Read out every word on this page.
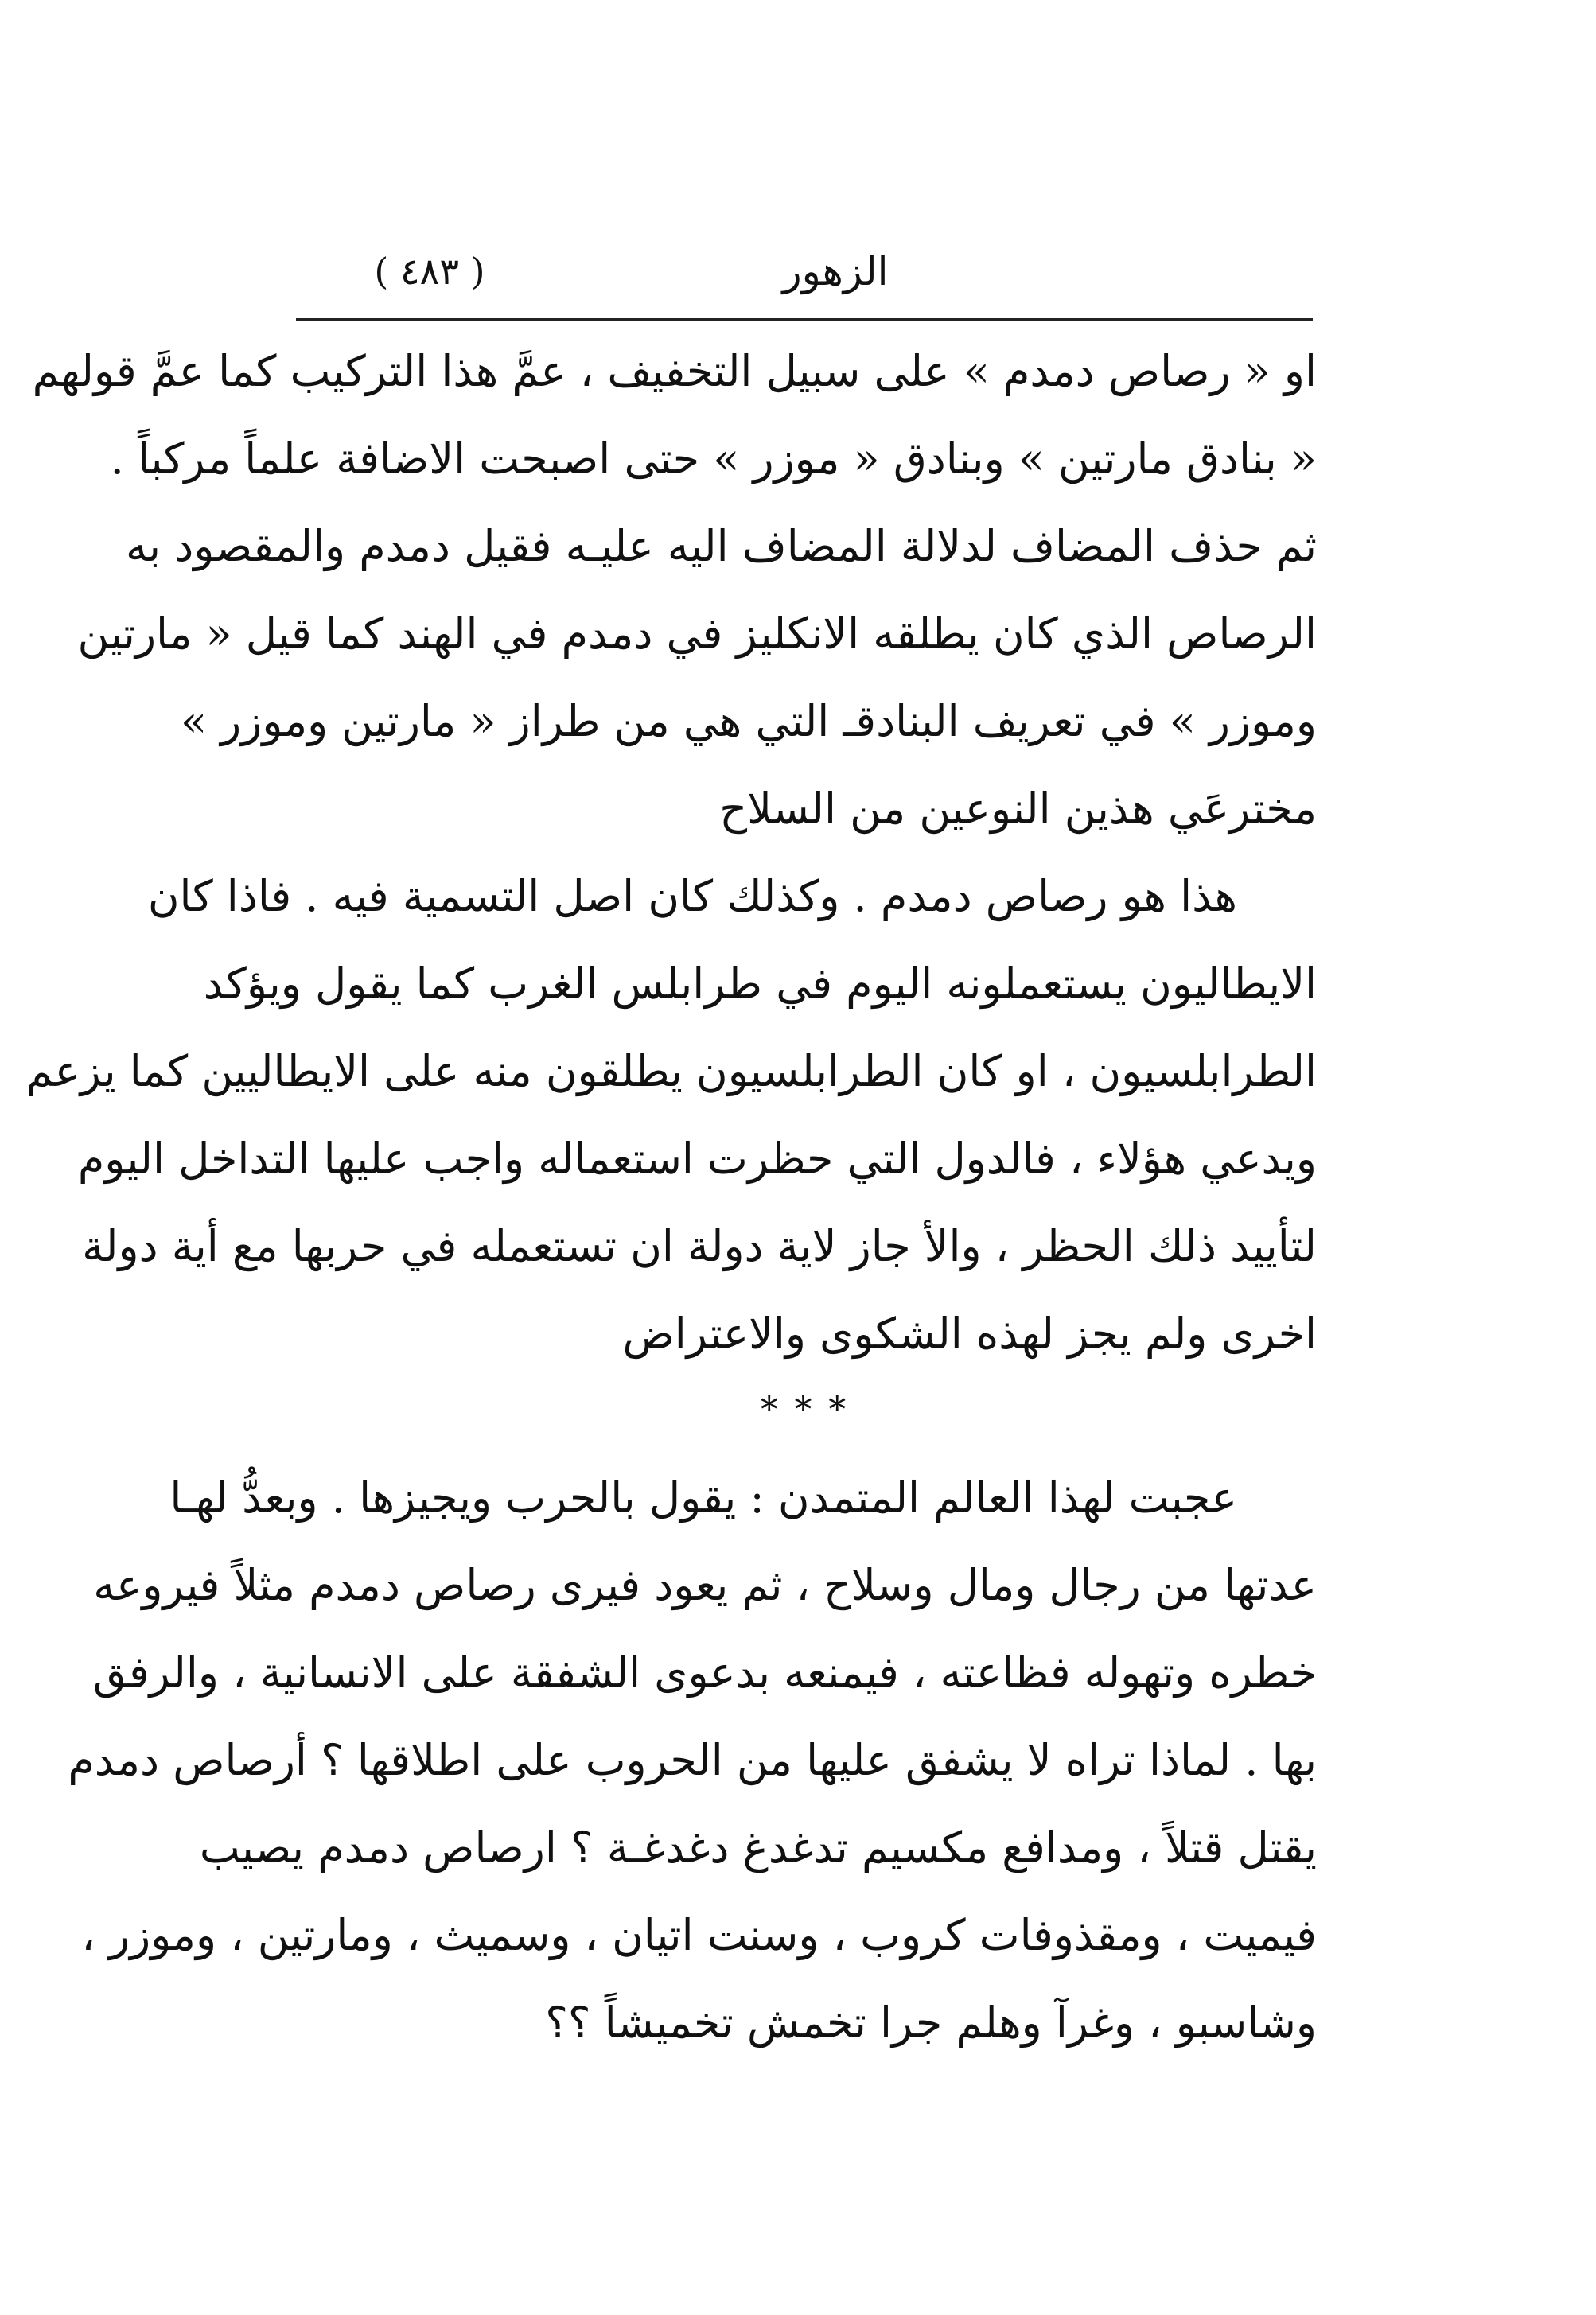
الزهور
( ٤٨٣ )
او « رصاص دمدم » على سبيل التخفيف ، عمَّ هذا التركيب كما عمَّ قولهم
« بنادق مارتين » وبنادق « موزر » حتى اصبحت الاضافة علماً مركباً .
ثم حذف المضاف لدلالة المضاف اليه عليـه فقيل دمدم والمقصود به
الرصاص الذي كان يطلقه الانكليز في دمدم في الهند كما قيل « مارتين
وموزر » في تعريف البنادقـ التي هي من طراز « مارتين وموزر »
مخترعَي هذين النوعين من السلاح
هذا هو رصاص دمدم . وكذلك كان اصل التسمية فيه . فاذا كان
الايطاليون يستعملونه اليوم في طرابلس الغرب كما يقول ويؤكد
الطرابلسيون ، او كان الطرابلسيون يطلقون منه على الايطاليين كما يزعم
ويدعي هؤلاء ، فالدول التي حظرت استعماله واجب عليها التداخل اليوم
لتأييد ذلك الحظر ، والأ جاز لاية دولة ان تستعمله في حربها مع أية دولة
اخرى ولم يجز لهذه الشكوى والاعتراض
* * *
عجبت لهذا العالم المتمدن : يقول بالحرب ويجيزها . وبعدُّ لهـا
عدتها من رجال ومال وسلاح ، ثم يعود فيرى رصاص دمدم مثلاً فيروعه
خطره وتهوله فظاعته ، فيمنعه بدعوى الشفقة على الانسانية ، والرفق
بها . لماذا تراه لا يشفق عليها من الحروب على اطلاقها ؟ أرصاص دمدم
يقتل قتلاً ، ومدافع مكسيم تدغدغ دغدغـة ؟ ارصاص دمدم يصيب
فيميت ، ومقذوفات كروب ، وسنت اتيان ، وسميث ، ومارتين ، وموزر ،
وشاسبو ، وغرآ وهلم جرا تخمش تخميشاً ؟؟
